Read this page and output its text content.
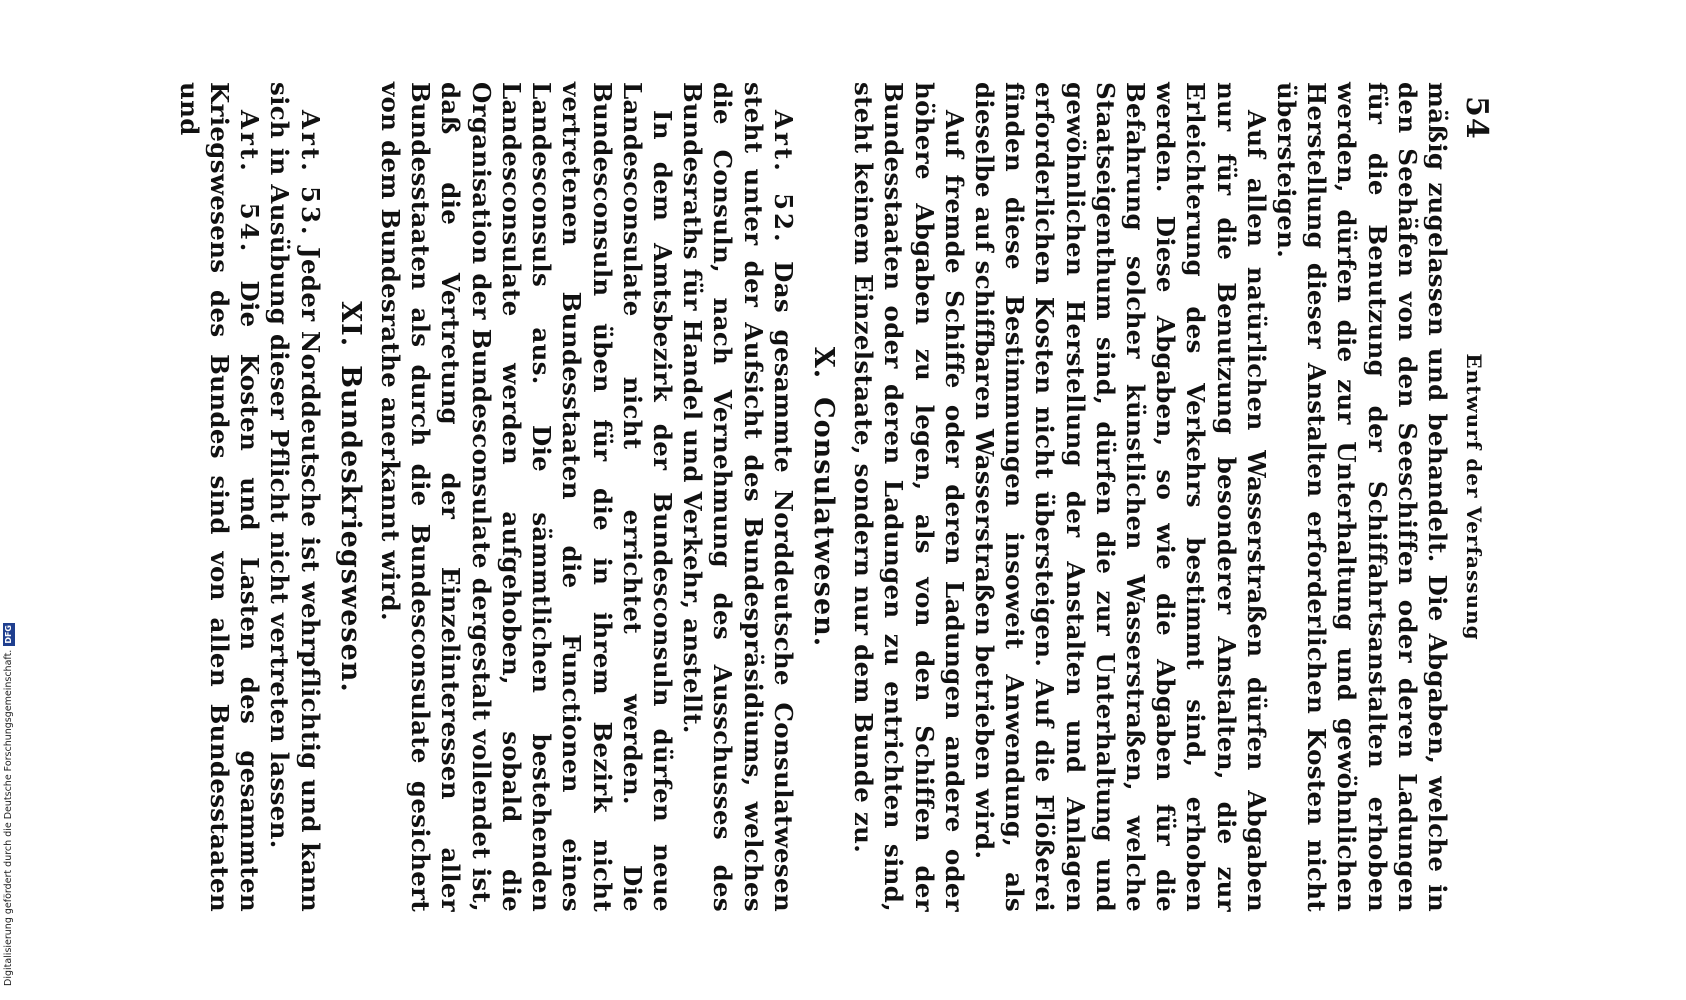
54
Entwurf der Verfassung

mäßig zugelassen und behandelt. Die Abgaben, welche in den Seehäfen von den Seeschiffen oder deren Ladungen für die Benutzung der Schiffahrtsanstalten erhoben werden, dürfen die zur Unterhaltung und gewöhnlichen Herstellung dieser Anstalten erforderlichen Kosten nicht übersteigen.

Auf allen natürlichen Wasserstraßen dürfen Abgaben nur für die Benutzung besonderer Anstalten, die zur Erleichterung des Verkehrs bestimmt sind, erhoben werden. Diese Abgaben, so wie die Abgaben für die Befahrung solcher künstlichen Wasserstraßen, welche Staatseigenthum sind, dürfen die zur Unterhaltung und gewöhnlichen Herstellung der Anstalten und Anlagen erforderlichen Kosten nicht übersteigen. Auf die Flößerei finden diese Bestimmungen insoweit Anwendung, als dieselbe auf schiffbaren Wasserstraßen betrieben wird.

Auf fremde Schiffe oder deren Ladungen andere oder höhere Abgaben zu legen, als von den Schiffen der Bundesstaaten oder deren Ladungen zu entrichten sind, steht keinem Einzelstaate, sondern nur dem Bunde zu.

X.Consulatwesen.

Art. 52. Das gesammte Norddeutsche Consulatwesen steht unter der Aufsicht des Bundespräsidiums, welches die Consuln, nach Vernehmung des Ausschusses des Bundesraths für Handel und Verkehr, anstellt.

In dem Amtsbezirk der Bundesconsuln dürfen neue Landesconsulate nicht errichtet werden. Die Bundesconsuln üben für die in ihrem Bezirk nicht vertretenen Bundesstaaten die Functionen eines Landesconsuls aus. Die sämmtlichen bestehenden Landesconsulate werden aufgehoben, sobald die Organisation der Bundesconsulate dergestalt vollendet ist, daß die Vertretung der Einzelinteressen aller Bundesstaaten als durch die Bundesconsulate gesichert von dem Bundesrathe anerkannt wird.

XI.Bundeskriegswesen.

Art. 53. Jeder Norddeutsche ist wehrpflichtig und kann sich in Ausübung dieser Pflicht nicht vertreten lassen.

Art. 54. Die Kosten und Lasten des gesammten Kriegswesens des Bundes sind von allen Bundesstaaten und

Digitalisierung gefördert durch die Deutsche Forschungsgemeinschaft.
DFG
